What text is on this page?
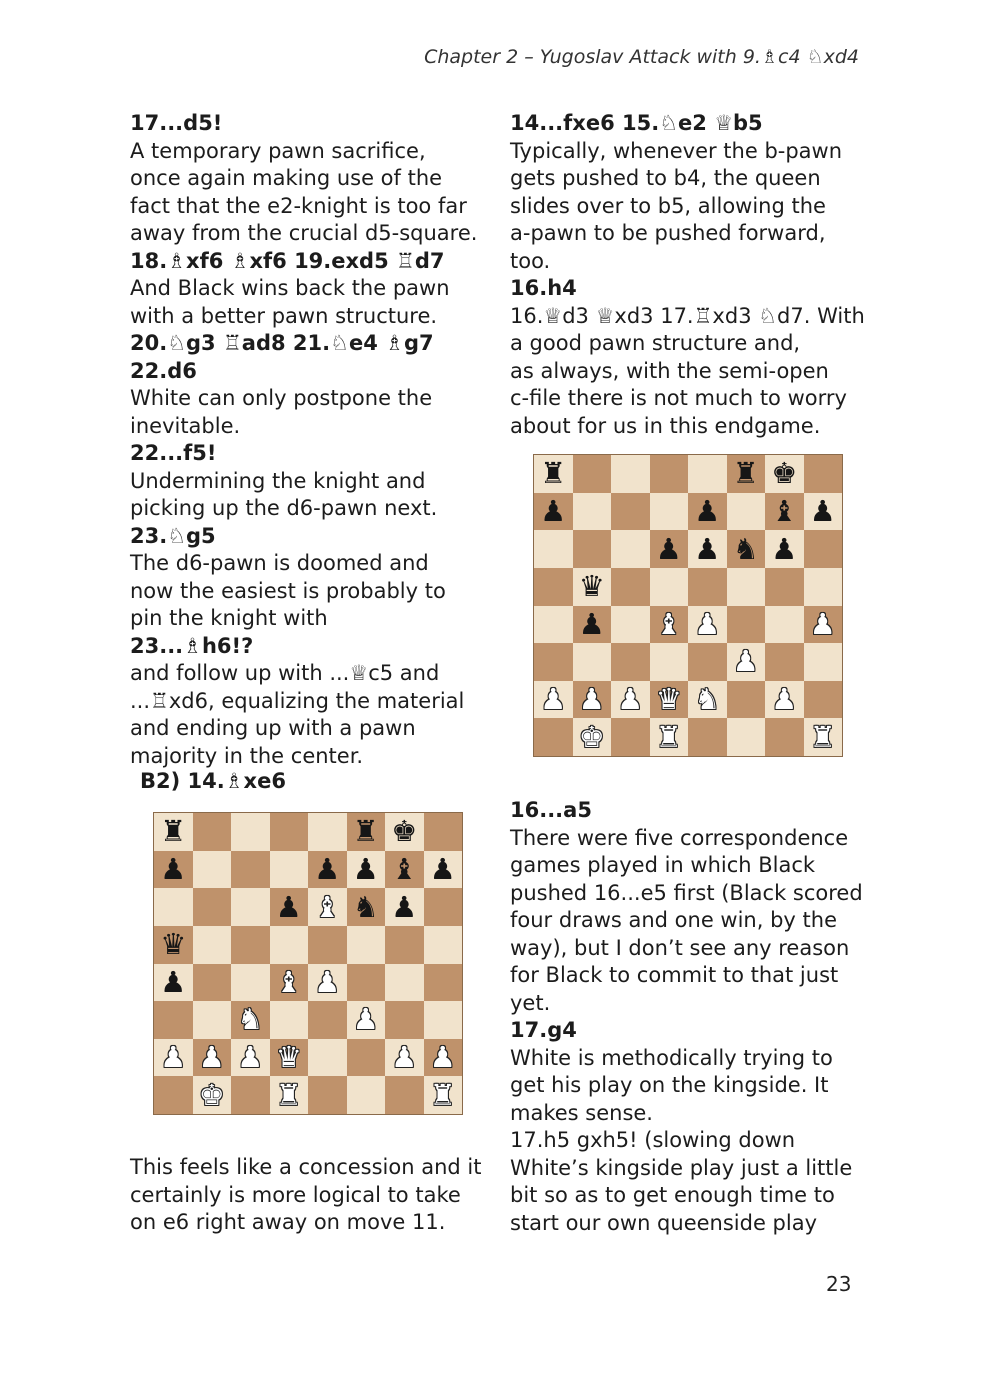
Chapter 2 – Yugoslav Attack with 9.♗c4 ♘xd4

17...d5!

A temporary pawn sacrifice,

once again making use of the

fact that the e2-knight is too far

away from the crucial d5-square.

18.♗xf6 ♗xf6 19.exd5 ♖d7

And Black wins back the pawn

with a better pawn structure.

20.♘g3 ♖ad8 21.♘e4 ♗g7 22.d6

White can only postpone the

inevitable.

22...f5!

Undermining the knight and

picking up the d6-pawn next.

23.♘g5

The d6-pawn is doomed and

now the easiest is probably to

pin the knight with

23...♗h6!?

and follow up with ...♕c5 and

...♖xd6, equalizing the material

and ending up with a pawn

majority in the center.

B2) 14.♗xe6
♜	♜ ♚
♟	♟ ♟ ♝ ♟
♟ ♝ ♞ ♟
♛
♟	♝ ♟
♞	♟
♟ ♟ ♟ ♛	♟ ♟
♚ ♜	♜

This feels like a concession and it

certainly is more logical to take

on e6 right away on move 11.

14...fxe6 15.♘e2 ♕b5

Typically, whenever the b-pawn

gets pushed to b4, the queen

slides over to b5, allowing the

a-pawn to be pushed forward,

too.

16.h4

16.♕d3 ♕xd3 17.♖xd3 ♘d7. With

a good pawn structure and,

as always, with the semi-open

c-file there is not much to worry

about for us in this endgame.

♜	♜ ♚
♟	♟ ♝ ♟
♟ ♟ ♞ ♟
♛
♟ ♝ ♟	♟
♟
♟ ♟ ♟ ♛ ♞ ♟
♚ ♜	♜

16...a5

There were five correspondence

games played in which Black

pushed 16...e5 first (Black scored

four draws and one win, by the

way), but I don’t see any reason

for Black to commit to that just

yet.

17.g4

White is methodically trying to

get his play on the kingside. It

makes sense.

17.h5 gxh5! (slowing down

White’s kingside play just a little

bit so as to get enough time to

start our own queenside play

23
